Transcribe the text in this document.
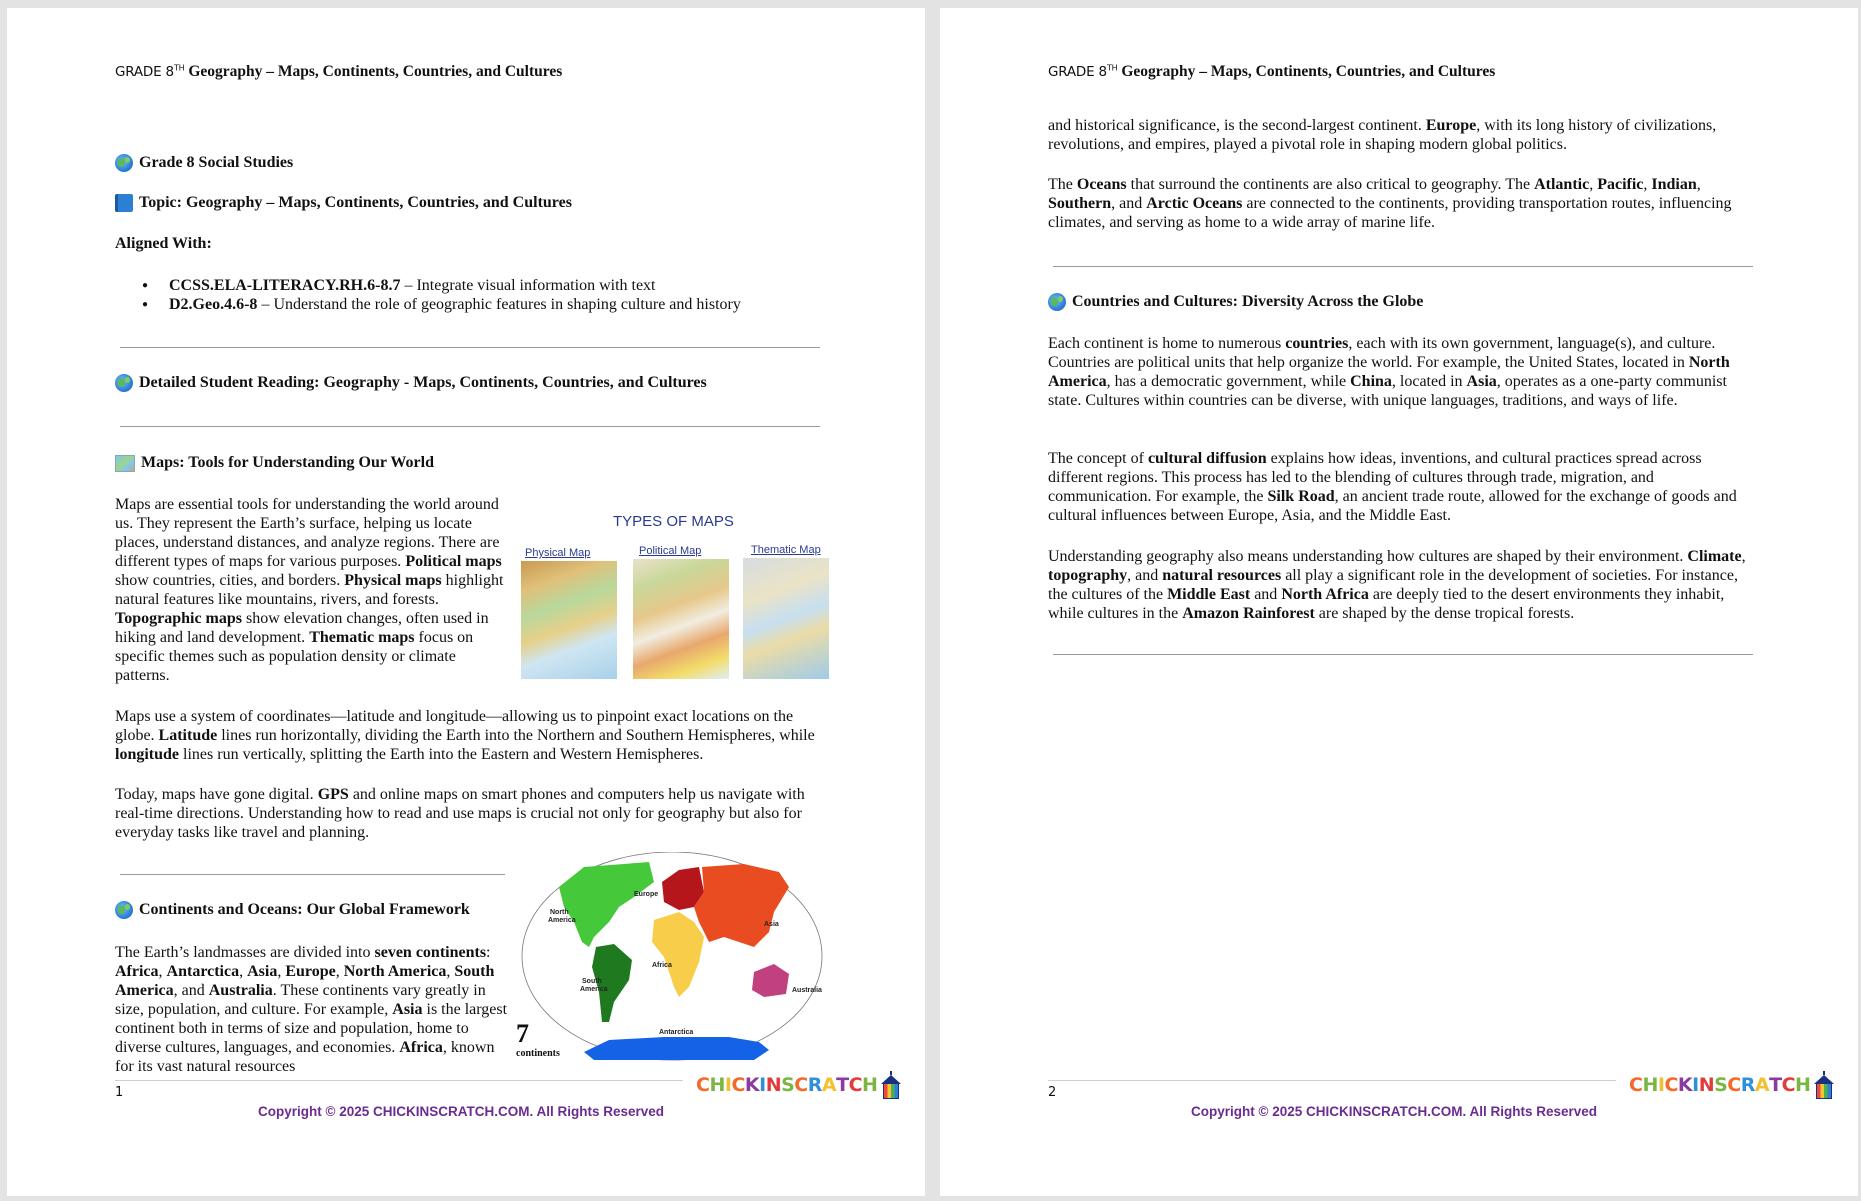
GRADE 8TH Geography – Maps, Continents, Countries, and Cultures
Grade 8 Social Studies
Topic: Geography – Maps, Continents, Countries, and Cultures
Aligned With:
● CCSS.ELA-LITERACY.RH.6-8.7 – Integrate visual information with text
● D2.Geo.4.6-8 – Understand the role of geographic features in shaping culture and history
Detailed Student Reading: Geography - Maps, Continents, Countries, and Cultures
Maps: Tools for Understanding Our World
Maps are essential tools for understanding the world around us. They represent the Earth’s surface, helping us locate places, understand distances, and analyze regions. There are different types of maps for various purposes. Political maps show countries, cities, and borders. Physical maps highlight natural features like mountains, rivers, and forests. Topographic maps show elevation changes, often used in hiking and land development. Thematic maps focus on specific themes such as population density or climate patterns.
TYPES OF MAPS
Physical Map	Political Map	Thematic Map
Maps use a system of coordinates—latitude and longitude—allowing us to pinpoint exact locations on the globe. Latitude lines run horizontally, dividing the Earth into the Northern and Southern Hemispheres, while longitude lines run vertically, splitting the Earth into the Eastern and Western Hemispheres.
Today, maps have gone digital. GPS and online maps on smart phones and computers help us navigate with real-time directions. Understanding how to read and use maps is crucial not only for geography but also for everyday tasks like travel and planning.
Continents and Oceans: Our Global Framework
The Earth’s landmasses are divided into seven continents: Africa, Antarctica, Asia, Europe, North America, South America, and Australia. These continents vary greatly in size, population, and culture. For example, Asia is the largest continent both in terms of size and population, home to diverse cultures, languages, and economies. Africa, known for its vast natural resources
Europe
North
America
Asia
Africa
South
America	Australia
Antarctica
7
continents
1
Copyright © 2025 CHICKINSCRATCH.COM. All Rights Reserved
CHICKINSCRATCH
GRADE 8TH Geography – Maps, Continents, Countries, and Cultures
and historical significance, is the second-largest continent. Europe, with its long history of civilizations, revolutions, and empires, played a pivotal role in shaping modern global politics.
The Oceans that surround the continents are also critical to geography. The Atlantic, Pacific, Indian, Southern, and Arctic Oceans are connected to the continents, providing transportation routes, influencing climates, and serving as home to a wide array of marine life.
Countries and Cultures: Diversity Across the Globe
Each continent is home to numerous countries, each with its own government, language(s), and culture. Countries are political units that help organize the world. For example, the United States, located in North America, has a democratic government, while China, located in Asia, operates as a one-party communist state. Cultures within countries can be diverse, with unique languages, traditions, and ways of life.
The concept of cultural diffusion explains how ideas, inventions, and cultural practices spread across different regions. This process has led to the blending of cultures through trade, migration, and communication. For example, the Silk Road, an ancient trade route, allowed for the exchange of goods and cultural influences between Europe, Asia, and the Middle East.
Understanding geography also means understanding how cultures are shaped by their environment. Climate, topography, and natural resources all play a significant role in the development of societies. For instance, the cultures of the Middle East and North Africa are deeply tied to the desert environments they inhabit, while cultures in the Amazon Rainforest are shaped by the dense tropical forests.
2
Copyright © 2025 CHICKINSCRATCH.COM. All Rights Reserved
CHICKINSCRATCH
